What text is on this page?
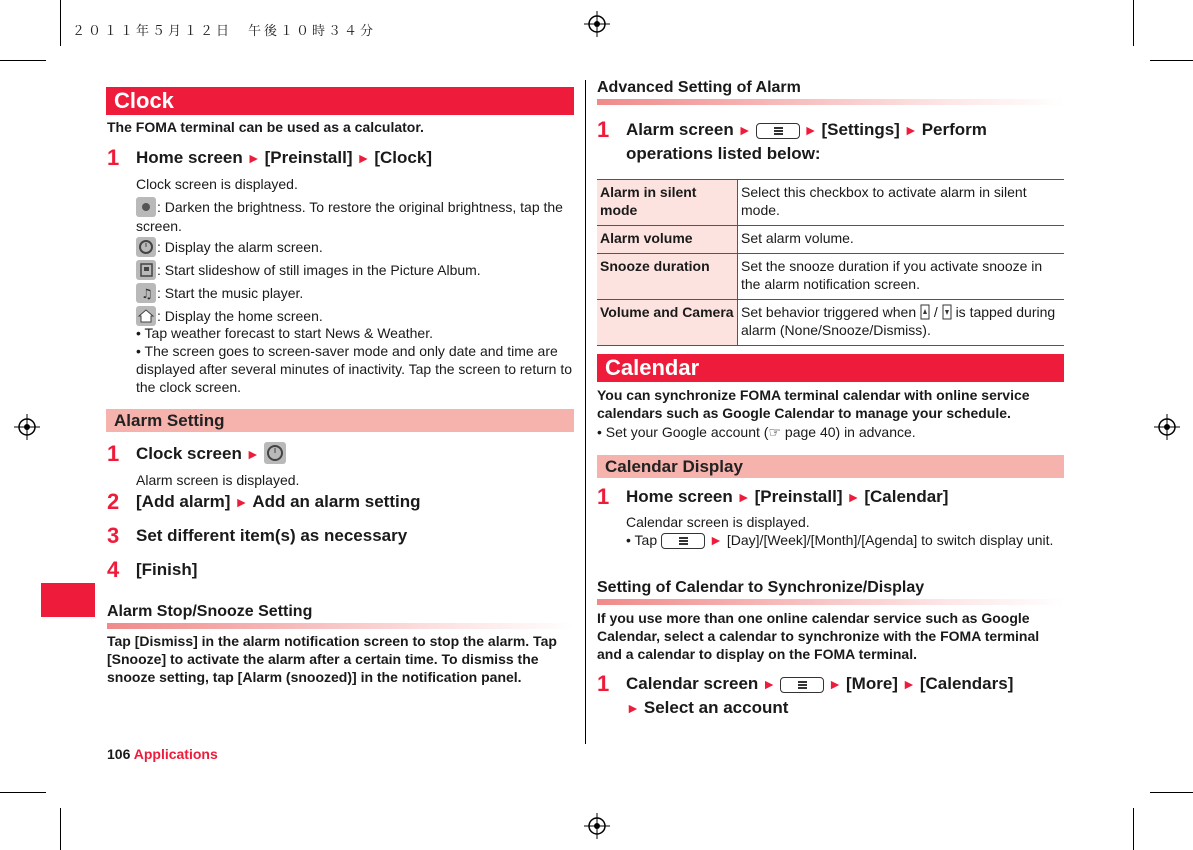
２０１１年５月１２日　午後１０時３４分
Clock
The FOMA terminal can be used as a calculator.
1 Home screen ► [Preinstall] ► [Clock]
Clock screen is displayed.
: Darken the brightness. To restore the original brightness, tap the screen.
: Display the alarm screen.
: Start slideshow of still images in the Picture Album.
♫ : Start the music player.
: Display the home screen.
• Tap weather forecast to start News & Weather.
• The screen goes to screen-saver mode and only date and time are displayed after several minutes of inactivity. Tap the screen to return to the clock screen.
Alarm Setting
1 Clock screen ►
Alarm screen is displayed.
2 [Add alarm] ► Add an alarm setting
3 Set different item(s) as necessary
4 [Finish]
Alarm Stop/Snooze Setting
Tap [Dismiss] in the alarm notification screen to stop the alarm. Tap [Snooze] to activate the alarm after a certain time. To dismiss the snooze setting, tap [Alarm (snoozed)] in the notification panel.
106 Applications
Advanced Setting of Alarm
1 Alarm screen ►	► [Settings] ► Perform operations listed below:
Alarm in silent mode	Select this checkbox to activate alarm in silent mode.
Alarm volume	Set alarm volume.
Snooze duration	Set the snooze duration if you activate snooze in the alarm notification screen.
Volume and Camera	Set behavior triggered when / is tapped during alarm (None/Snooze/Dismiss).
Calendar
You can synchronize FOMA terminal calendar with online service calendars such as Google Calendar to manage your schedule.
• Set your Google account (☞ page 40) in advance.
Calendar Display
1 Home screen ► [Preinstall] ► [Calendar]
Calendar screen is displayed.
• Tap	► [Day]/[Week]/[Month]/[Agenda] to switch display unit.
Setting of Calendar to Synchronize/Display
If you use more than one online calendar service such as Google Calendar, select a calendar to synchronize with the FOMA terminal and a calendar to display on the FOMA terminal.
1 Calendar screen ►	► [More] ► [Calendars]
► Select an account
